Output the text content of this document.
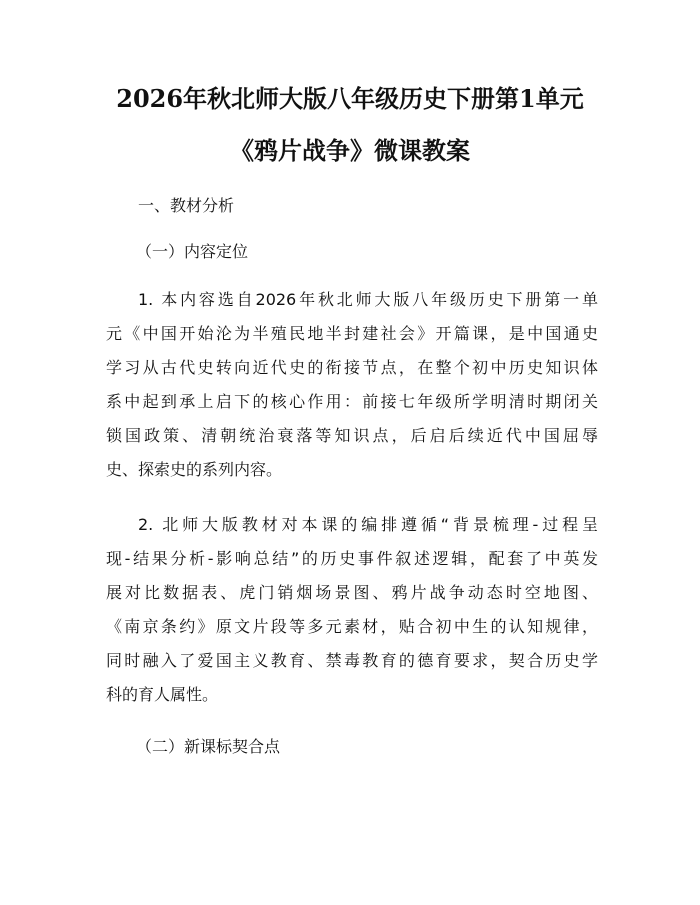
2026年秋北师大版八年级历史下册第1单元
《鸦片战争》微课教案
一、教材分析
（一）内容定位
1. 本内容选自2026年秋北师大版八年级历史下册第一单
元《中国开始沦为半殖民地半封建社会》开篇课，是中国通史
学习从古代史转向近代史的衔接节点，在整个初中历史知识体
系中起到承上启下的核心作用：前接七年级所学明清时期闭关
锁国政策、清朝统治衰落等知识点，后启后续近代中国屈辱
史、探索史的系列内容。
2. 北师大版教材对本课的编排遵循“背景梳理-过程呈
现-结果分析-影响总结”的历史事件叙述逻辑，配套了中英发
展对比数据表、虎门销烟场景图、鸦片战争动态时空地图、
《南京条约》原文片段等多元素材，贴合初中生的认知规律，
同时融入了爱国主义教育、禁毒教育的德育要求，契合历史学
科的育人属性。
（二）新课标契合点
